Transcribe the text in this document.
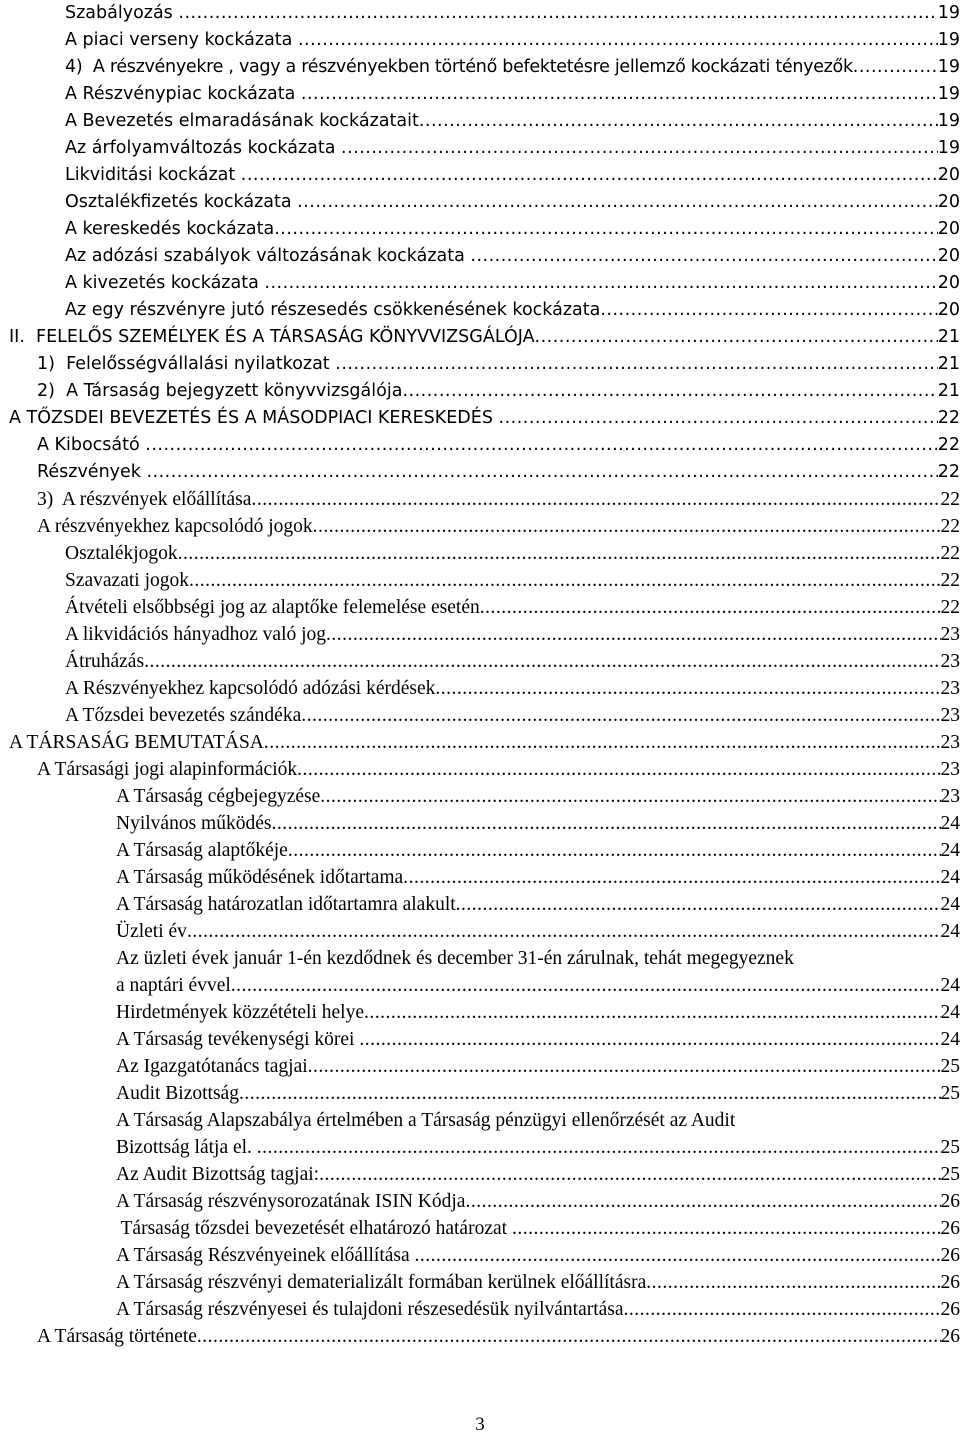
Szabályozás .....	19
A piaci verseny kockázata .....	19
4)  A részvényekre , vagy a részvényekben történő befektetésre jellemző kockázati tényezők .....	19
A Részvénypiac kockázata .....	19
A Bevezetés elmaradásának kockázatait .....	19
Az árfolyamváltozás kockázata .....	19
Likviditási kockázat .....	20
Osztalékfizetés kockázata .....	20
A kereskedés kockázata .....	20
Az adózási szabályok változásának kockázata .....	20
A kivezetés kockázata .....	20
Az egy részvényre jutó részesedés csökkenésének kockázata .....	20
II.  FELELŐS SZEMÉLYEK ÉS A TÁRSASÁG KÖNYVVIZSGÁLÓJA .....	21
1)  Felelősségvállalási nyilatkozat .....	21
2)  A Társaság bejegyzett könyvvizsgálója .....	21
A TŐZSDEI BEVEZETÉS ÉS A MÁSODPIACI KERESKEDÉS .....	22
A Kibocsátó .....	22
Részvények .....	22
3)  A részvények előállítása .....	22
A részvényekhez kapcsolódó jogok .....	22
Osztalékjogok .....	22
Szavazati jogok .....	22
Átvételi elsőbbségi jog az alaptőke felemelése esetén .....	22
A likvidációs hányadhoz való jog .....	23
Átruházás .....	23
A Részvényekhez kapcsolódó adózási kérdések .....	23
A Tőzsdei bevezetés szándéka .....	23
A TÁRSASÁG BEMUTATÁSA .....	23
A Társasági jogi alapinformációk .....	23
A Társaság cégbejegyzése .....	23
Nyilvános működés .....	24
A Társaság alaptőkéje .....	24
A Társaság működésének időtartama .....	24
A Társaság határozatlan időtartamra alakult .....	24
Üzleti év .....	24
Az üzleti évek január 1-én kezdődnek és december 31-én zárulnak, tehát megegyeznek
a naptári évvel .....	24
Hirdetmények közzétételi helye .....	24
A Társaság tevékenységi körei .....	24
Az Igazgatótanács tagjai .....	25
Audit Bizottság .....	25
A Társaság Alapszabálya értelmében a Társaság pénzügyi ellenőrzését az Audit
Bizottság látja el. .....	25
Az Audit Bizottság tagjai: .....	25
A Társaság részvénysorozatának ISIN Kódja .....	26
Társaság tőzsdei bevezetését elhatározó határozat .....	26
A Társaság Részvényeinek előállítása .....	26
A Társaság részvényi dematerializált formában kerülnek előállításra .....	26
A Társaság részvényesei és tulajdoni részesedésük nyilvántartása .....	26
A Társaság története .....	26
3
